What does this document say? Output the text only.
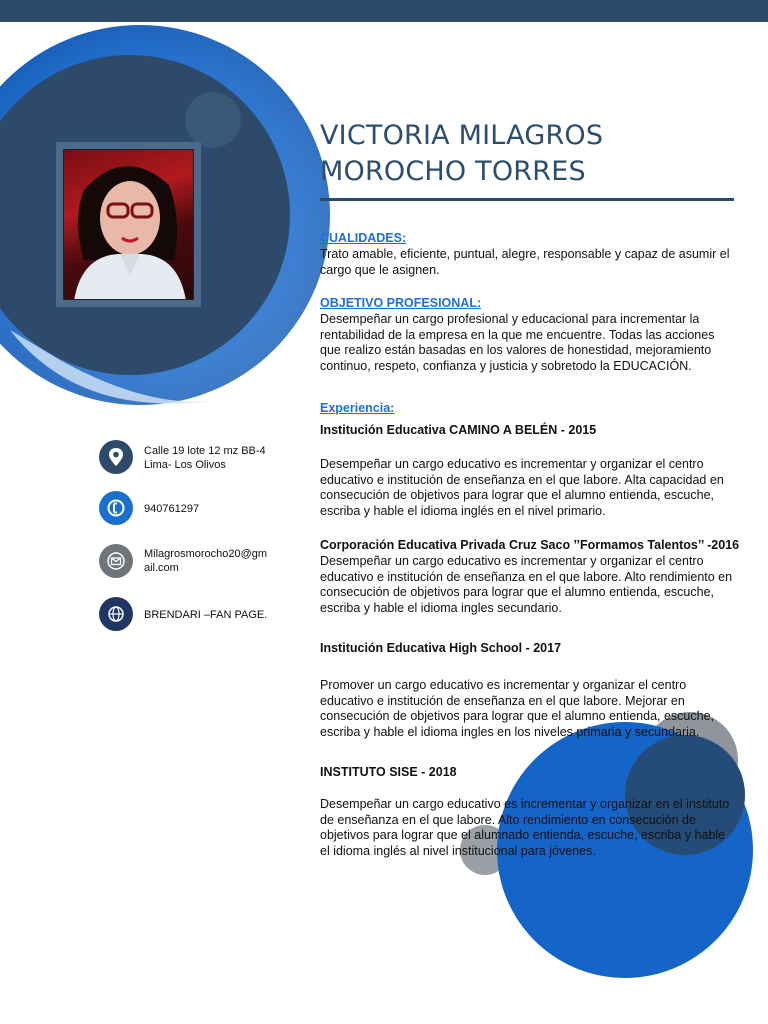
VICTORIA MILAGROS
MOROCHO TORRES
CUALIDADES:
Trato amable, eficiente, puntual, alegre, responsable y capaz de asumir el cargo que le asignen.
OBJETIVO PROFESIONAL:
Desempeñar un cargo profesional y educacional para incrementar la rentabilidad de la empresa en la que me encuentre. Todas las acciones que realizo están basadas en los valores de honestidad, mejoramiento continuo, respeto, confianza y justicia y sobretodo la EDUCACIÓN.
Experiencia:
Institución Educativa CAMINO A BELÉN - 2015
Desempeñar un cargo educativo es incrementar y organizar el centro educativo e institución de enseñanza en el que labore. Alta capacidad en consecución de objetivos para lograr que el alumno entienda, escuche, escriba y hable el idioma inglés en el nivel primario.
Corporación Educativa Privada Cruz Saco ’’Formamos Talentos’’ -2016
Desempeñar un cargo educativo es incrementar y organizar el centro educativo e institución de enseñanza en el que labore. Alto rendimiento en consecución de objetivos para lograr que el alumno entienda, escuche, escriba y hable el idioma ingles secundario.
Institución Educativa High School - 2017
Promover un cargo educativo es incrementar y organizar el centro educativo e institución de enseñanza en el que labore. Mejorar en consecución de objetivos para lograr que el alumno entienda, escuche, escriba y hable el idioma ingles en los niveles primaria y secundaria.
INSTITUTO SISE - 2018
Desempeñar un cargo educativo es incrementar y organizar en el instituto de enseñanza en el que labore. Alto rendimiento en consecución de objetivos para lograr que el alumnado entienda, escuche, escriba y hable el idioma inglés al nivel institucional para jóvenes.
Calle 19 lote 12 mz BB-4
Lima- Los Olivos
940761297
Milagrosmorocho20@gm
ail.com
BRENDARI –FAN PAGE.
